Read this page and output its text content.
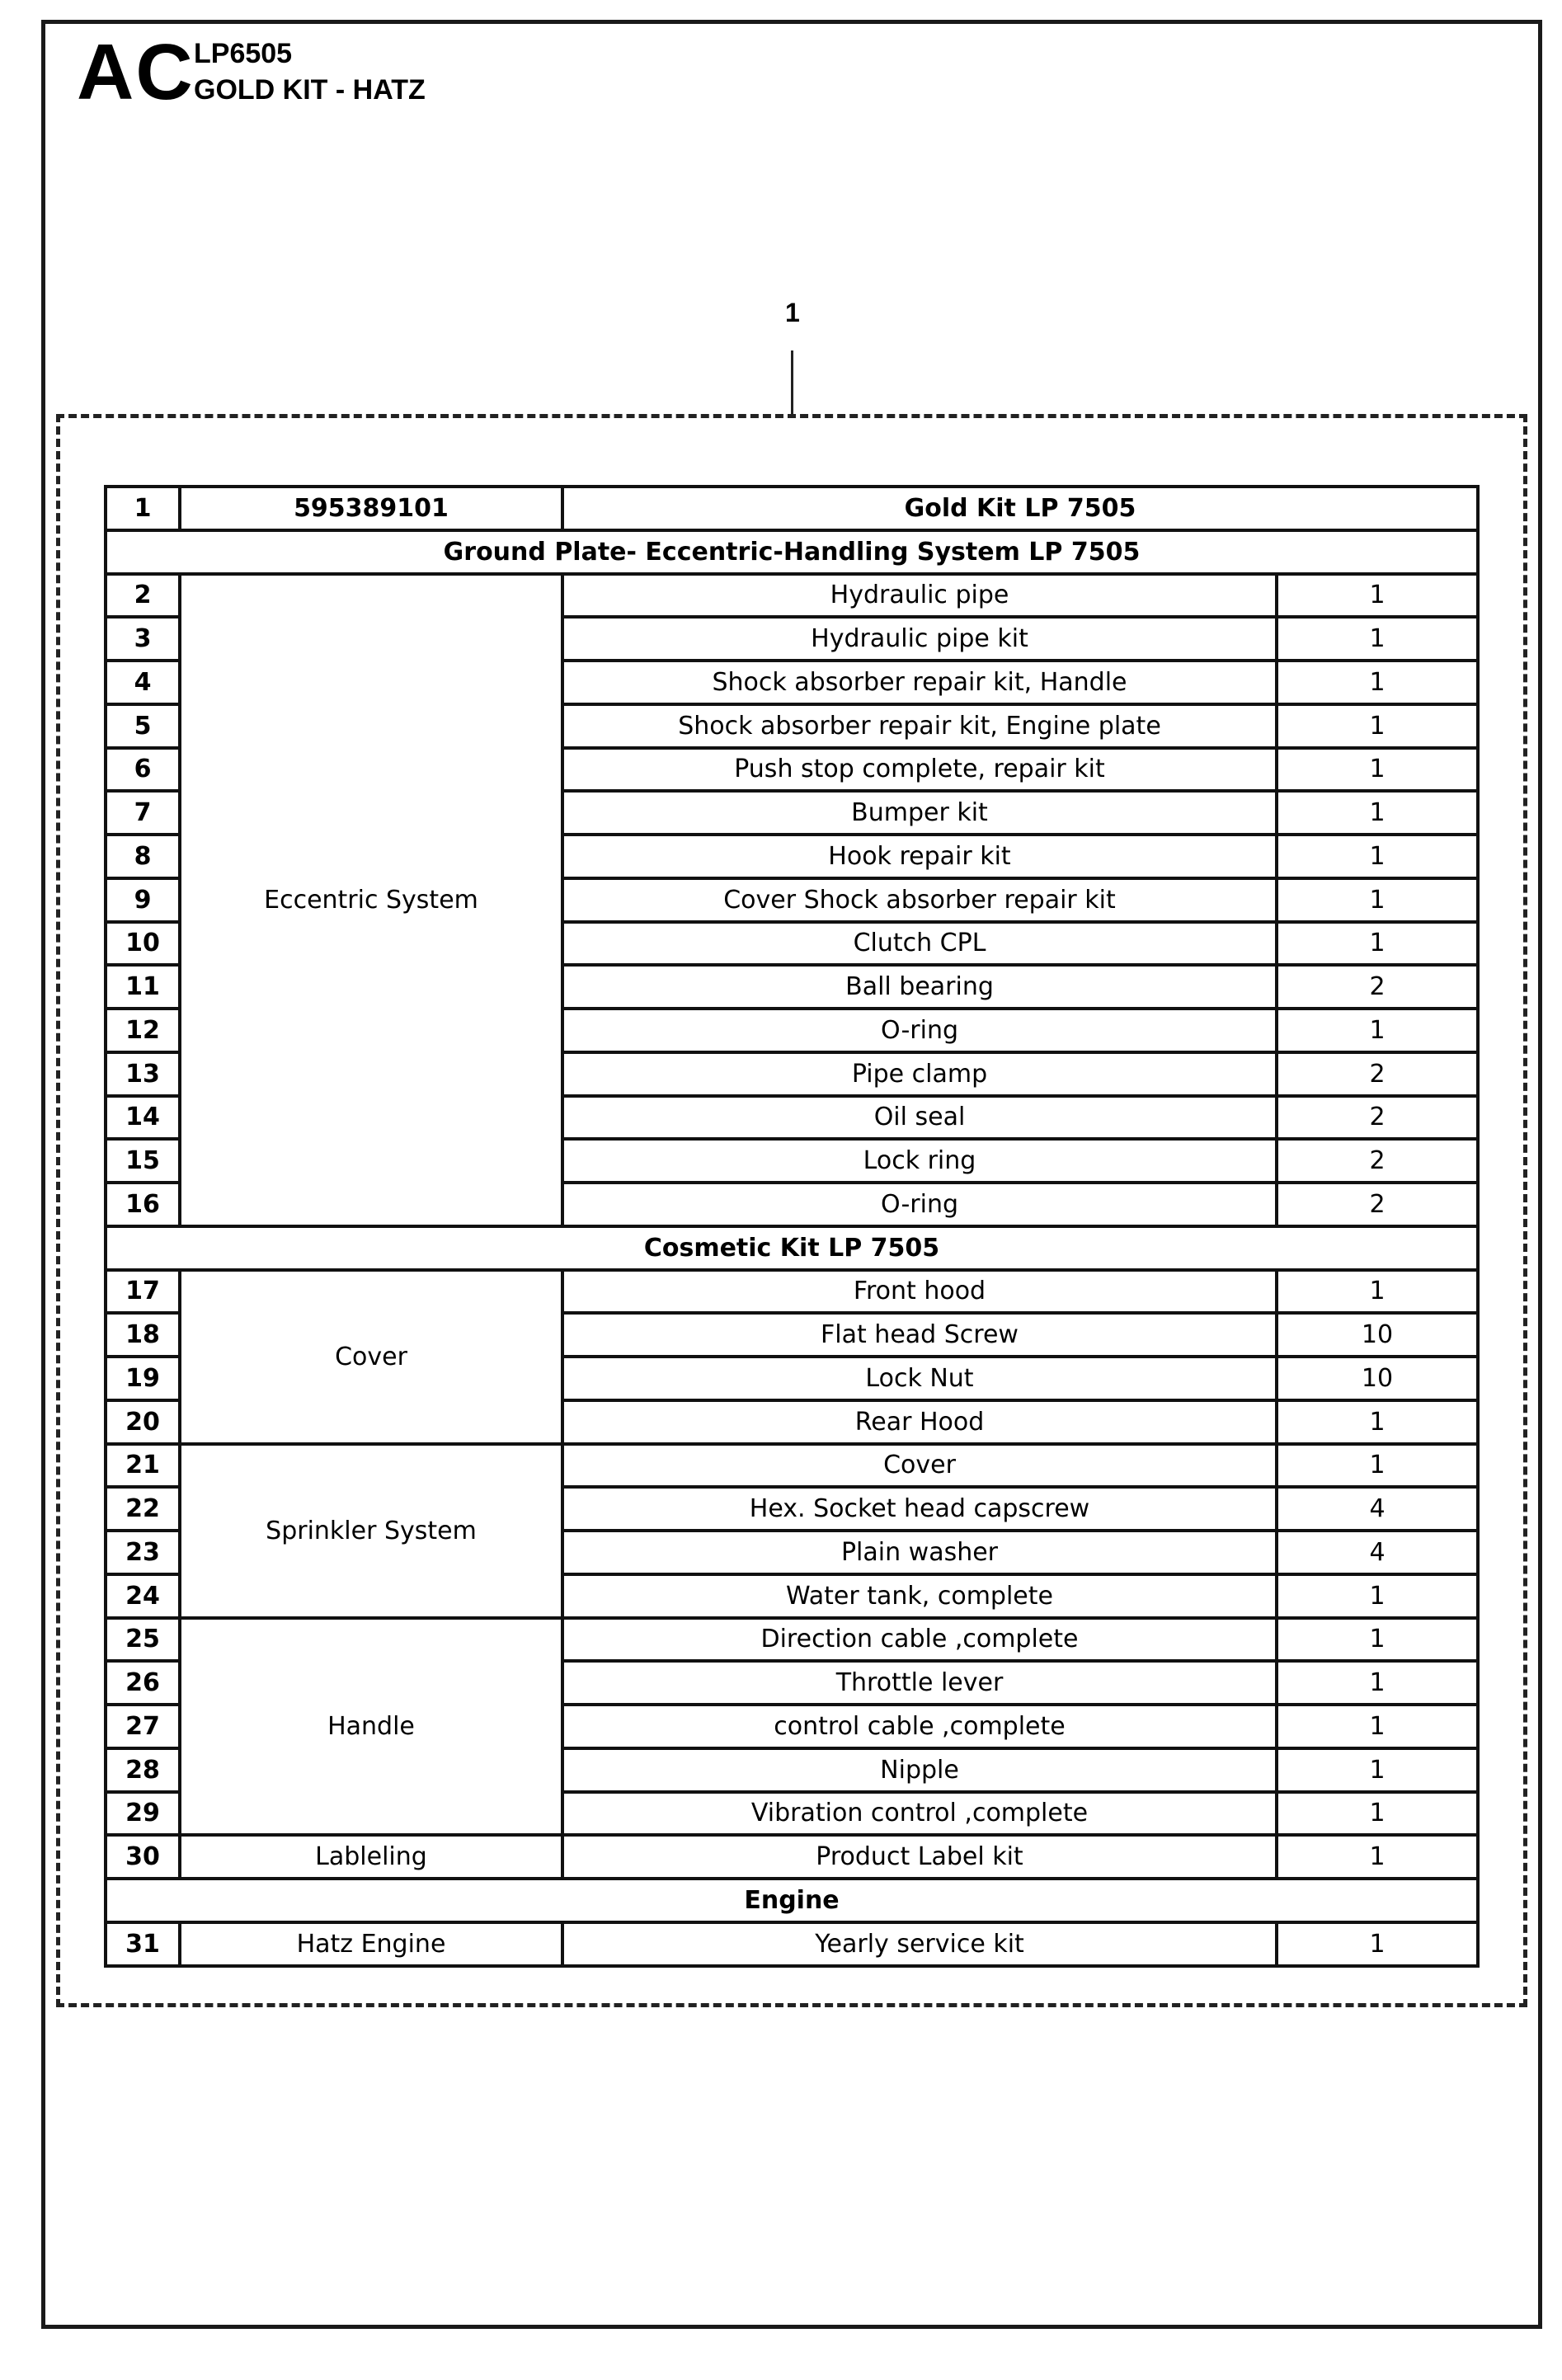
AC LP6505
GOLD KIT - HATZ
1
1	595389101	Gold Kit LP 7505	
Ground Plate- Eccentric-Handling System LP 7505			
2	Eccentric System	Hydraulic pipe	1
3		Hydraulic pipe kit	1
4		Shock absorber repair kit, Handle	1
5		Shock absorber repair kit, Engine plate	1
6		Push stop complete, repair kit	1
7		Bumper kit	1
8		Hook repair kit	1
9		Cover Shock absorber repair kit	1
10		Clutch CPL	1
11		Ball bearing	2
12		O-ring	1
13		Pipe clamp	2
14		Oil seal	2
15		Lock ring	2
16		O-ring	2
Cosmetic Kit LP 7505			
17	Cover	Front hood	1
18		Flat head Screw	10
19		Lock Nut	10
20		Rear Hood	1
21	Sprinkler System	Cover	1
22		Hex. Socket head capscrew	4
23		Plain washer	4
24		Water tank, complete	1
25	Handle	Direction cable ,complete	1
26		Throttle lever	1
27		control cable ,complete	1
28		Nipple	1
29		Vibration control ,complete	1
30	Lableling	Product Label kit	1
Engine			
31	Hatz Engine	Yearly service kit	1
